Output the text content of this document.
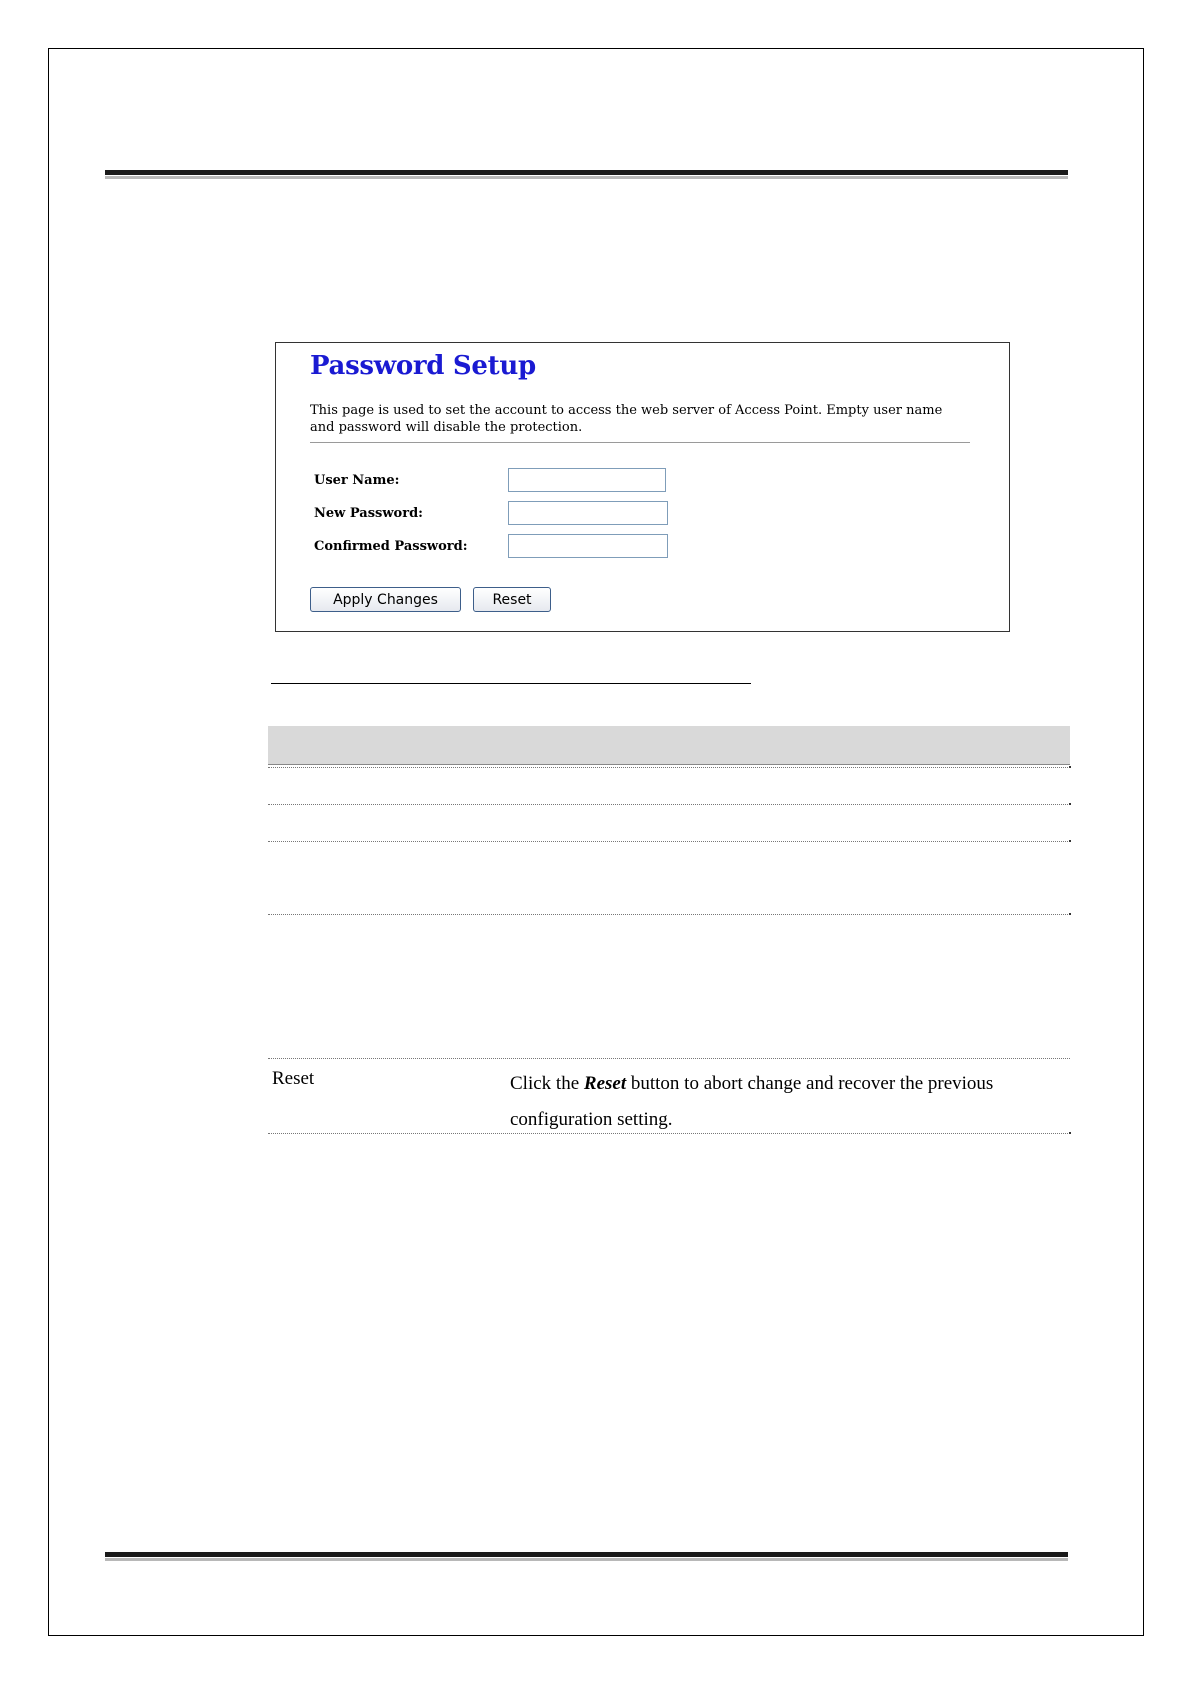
Password Setup
This page is used to set the account to access the web server of Access Point. Empty user name and password will disable the protection.
User Name:
New Password:
Confirmed Password:
Apply Changes	Reset
Reset	Click the Reset button to abort change and recover the previous configuration setting.
